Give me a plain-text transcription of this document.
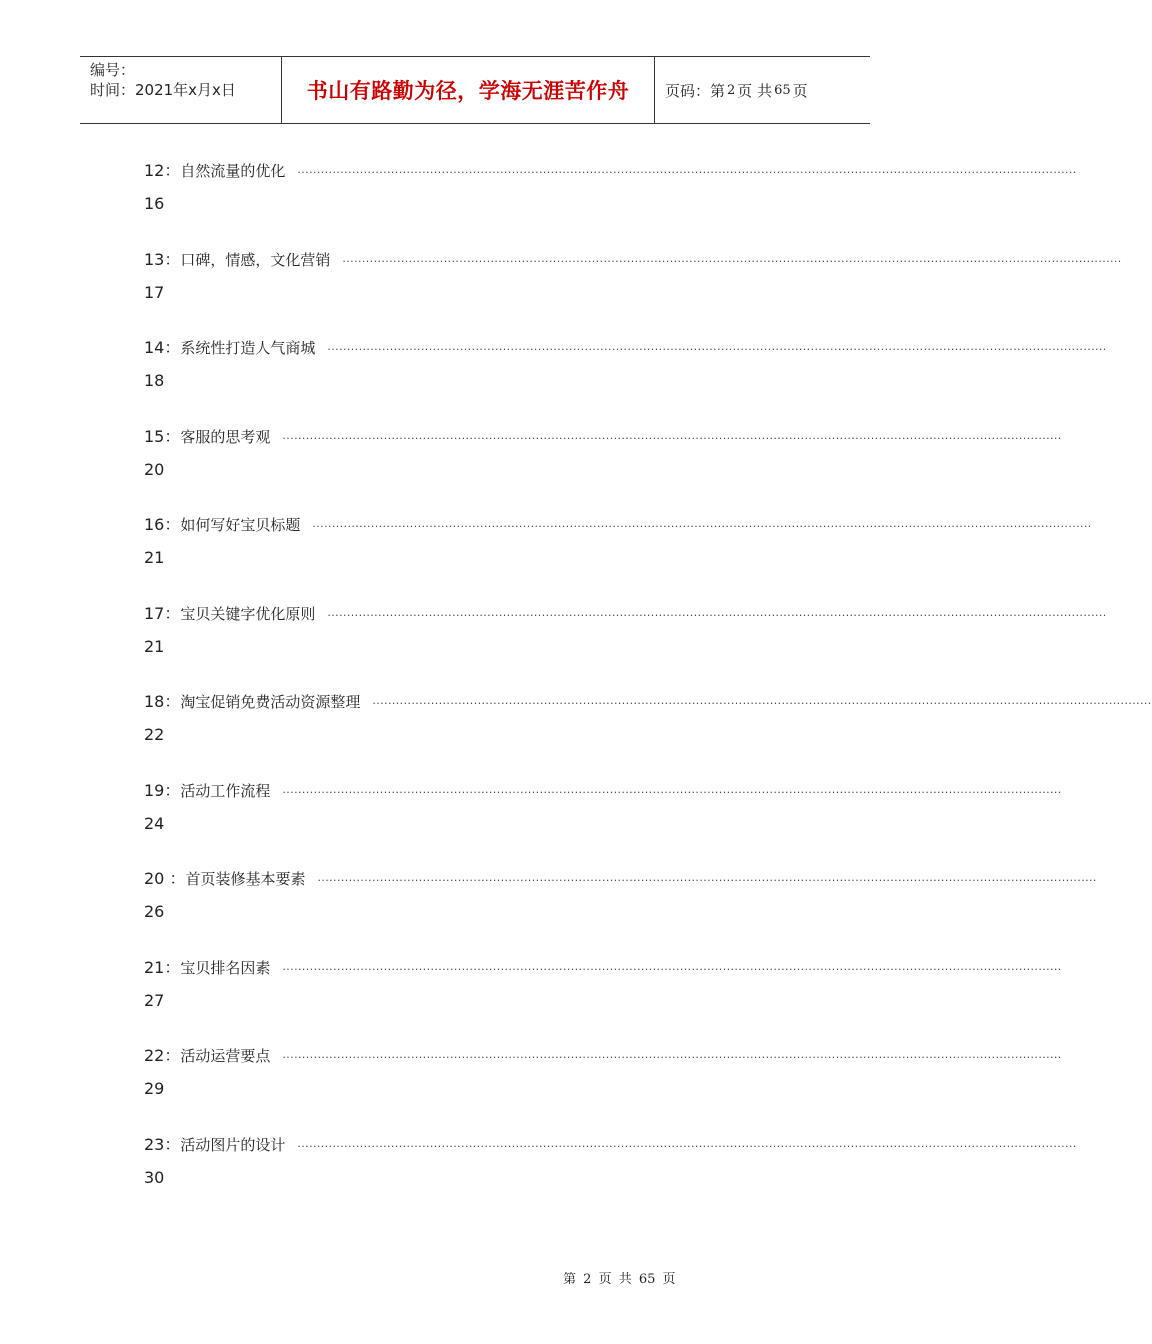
编号：
时间：2021年x月x日	书山有路勤为径，学海无涯苦作舟	页码：第 2 页 共 65 页
12： 自然流量的优化 ········································································································································································································
16
13： 口碑，情感，文化营销 ········································································································································································································
17
14： 系统性打造人气商城 ········································································································································································································
18
15： 客服的思考观 ········································································································································································································
20
16： 如何写好宝贝标题 ········································································································································································································
21
17： 宝贝关键字优化原则 ········································································································································································································
21
18： 淘宝促销免费活动资源整理 ········································································································································································································
22
19： 活动工作流程 ········································································································································································································
24
20 ： 首页装修基本要素 ········································································································································································································
26
21： 宝贝排名因素 ········································································································································································································
27
22： 活动运营要点 ········································································································································································································
29
23： 活动图片的设计 ········································································································································································································
30
第 2 页 共 65 页
